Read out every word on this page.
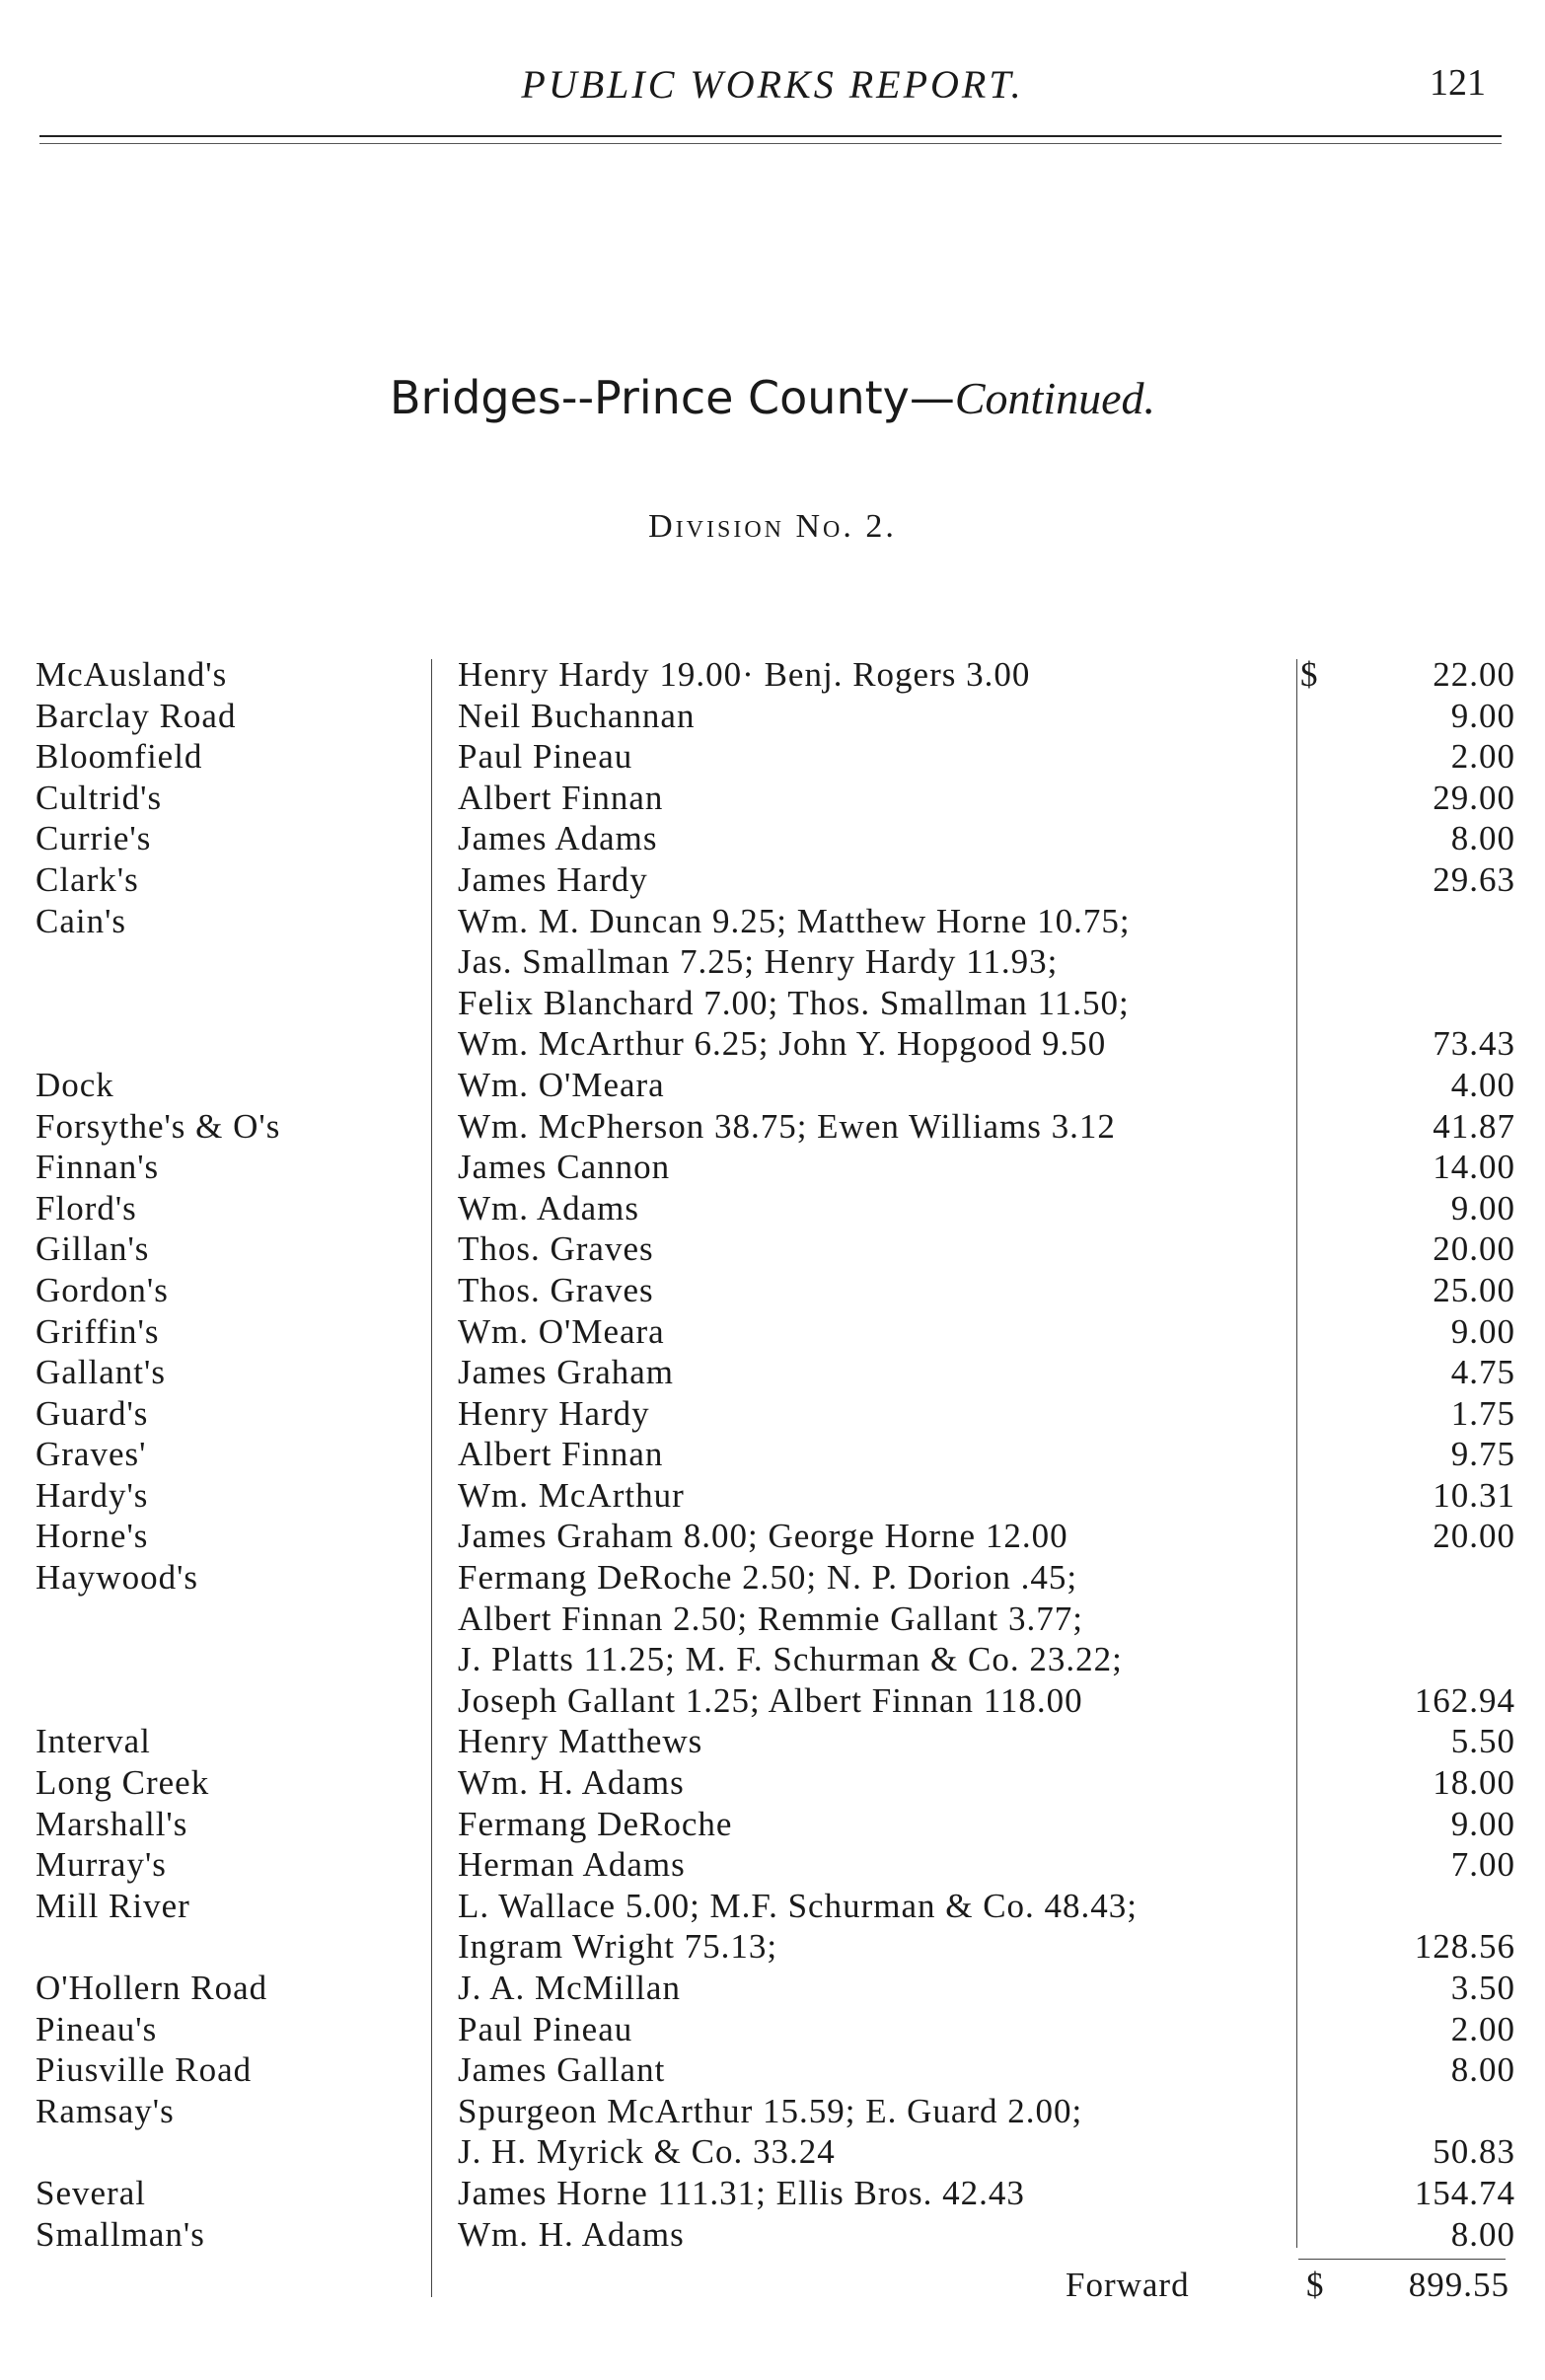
PUBLIC WORKS REPORT.	121
Bridges--Prince County—Continued.
Division No. 2.
$
McAusland's	Henry Hardy 19.00· Benj. Rogers 3.00	22.00
Barclay Road	Neil Buchannan	9.00
Bloomfield	Paul Pineau	2.00
Cultrid's	Albert Finnan	29.00
Currie's	James Adams	8.00
Clark's	James Hardy	29.63
Cain's	Wm. M. Duncan 9.25; Matthew Horne 10.75;
Jas. Smallman 7.25; Henry Hardy 11.93;
Felix Blanchard 7.00; Thos. Smallman 11.50;
Wm. McArthur 6.25; John Y. Hopgood 9.50	73.43
Dock	Wm. O'Meara	4.00
Forsythe's & O's	Wm. McPherson 38.75; Ewen Williams 3.12	41.87
Finnan's	James Cannon	14.00
Flord's	Wm. Adams	9.00
Gillan's	Thos. Graves	20.00
Gordon's	Thos. Graves	25.00
Griffin's	Wm. O'Meara	9.00
Gallant's	James Graham	4.75
Guard's	Henry Hardy	1.75
Graves'	Albert Finnan	9.75
Hardy's	Wm. McArthur	10.31
Horne's	James Graham 8.00; George Horne 12.00	20.00
Haywood's	Fermang DeRoche 2.50; N. P. Dorion .45;
Albert Finnan 2.50; Remmie Gallant 3.77;
J. Platts 11.25; M. F. Schurman & Co. 23.22;
Joseph Gallant 1.25; Albert Finnan 118.00	162.94
Interval	Henry Matthews	5.50
Long Creek	Wm. H. Adams	18.00
Marshall's	Fermang DeRoche	9.00
Murray's	Herman Adams	7.00
Mill River	L. Wallace 5.00; M.F. Schurman & Co. 48.43;
Ingram Wright 75.13;	128.56
O'Hollern Road	J. A. McMillan	3.50
Pineau's	Paul Pineau	2.00
Piusville Road	James Gallant	8.00
Ramsay's	Spurgeon McArthur 15.59; E. Guard 2.00;
J. H. Myrick & Co. 33.24	50.83
Several	James Horne 111.31; Ellis Bros. 42.43	154.74
Smallman's	Wm. H. Adams	8.00
Forward	$ 899.55
